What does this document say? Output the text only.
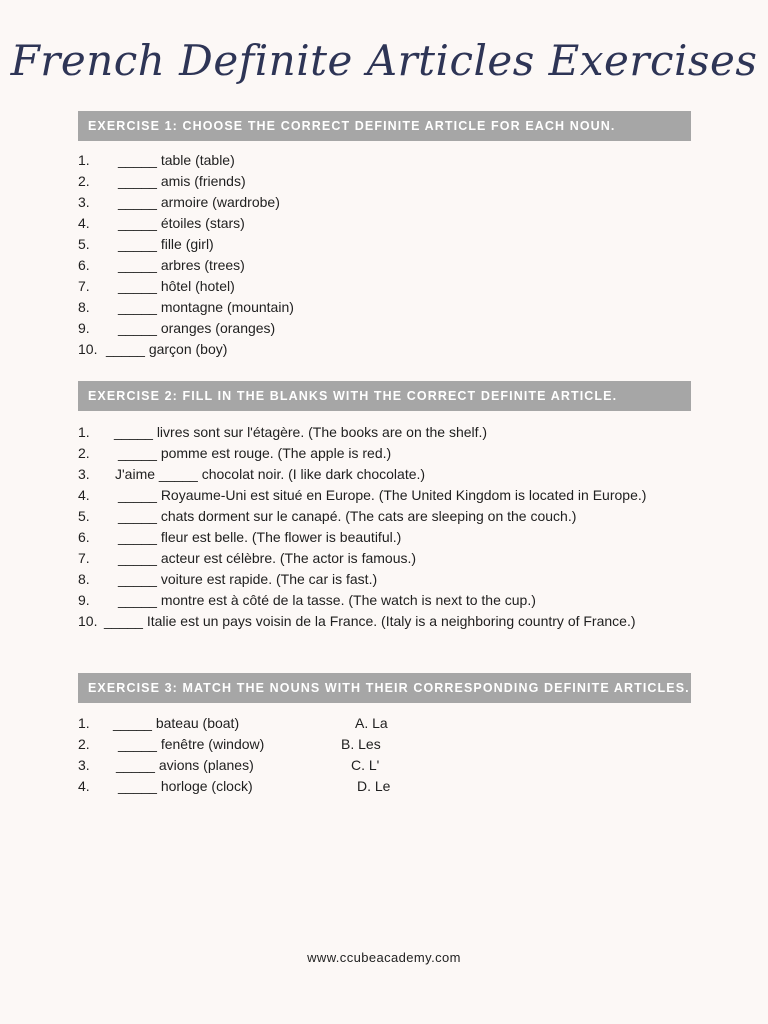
French Definite Articles Exercises
EXERCISE 1: CHOOSE THE CORRECT DEFINITE ARTICLE FOR EACH NOUN.
1. _____ table (table)
2. _____ amis (friends)
3. _____ armoire (wardrobe)
4. _____ étoiles (stars)
5. _____ fille (girl)
6. _____ arbres (trees)
7. _____ hôtel (hotel)
8. _____ montagne (mountain)
9. _____ oranges (oranges)
10. _____ garçon (boy)
EXERCISE 2: FILL IN THE BLANKS WITH THE CORRECT DEFINITE ARTICLE.
1. _____ livres sont sur l'étagère. (The books are on the shelf.)
2. _____ pomme est rouge. (The apple is red.)
3. J'aime _____ chocolat noir. (I like dark chocolate.)
4. _____ Royaume-Uni est situé en Europe. (The United Kingdom is located in Europe.)
5. _____ chats dorment sur le canapé. (The cats are sleeping on the couch.)
6. _____ fleur est belle. (The flower is beautiful.)
7. _____ acteur est célèbre. (The actor is famous.)
8. _____ voiture est rapide. (The car is fast.)
9. _____ montre est à côté de la tasse. (The watch is next to the cup.)
10. _____ Italie est un pays voisin de la France. (Italy is a neighboring country of France.)
EXERCISE 3: MATCH THE NOUNS WITH THEIR CORRESPONDING DEFINITE ARTICLES.
1. _____ bateau (boat)	A. La
2. _____ fenêtre (window)	B. Les
3. _____ avions (planes)	C. L'
4. _____ horloge (clock)	D. Le
www.ccubeacademy.com
